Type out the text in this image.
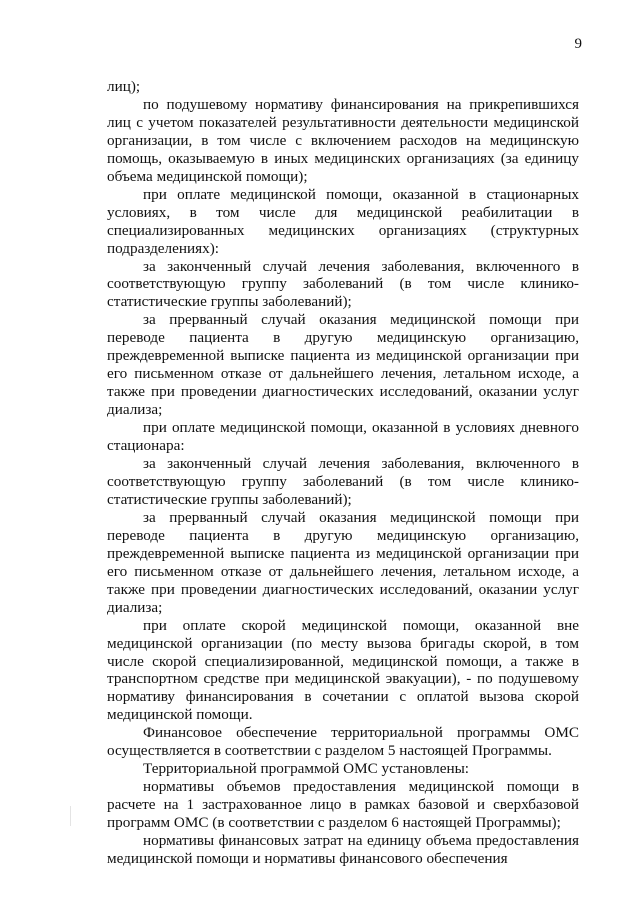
9

лиц);

по подушевому нормативу финансирования на прикрепившихся лиц с учетом показателей результативности деятельности медицинской организации, в том числе с включением расходов на медицинскую помощь, оказываемую в иных медицинских организациях (за единицу объема медицинской помощи);

при оплате медицинской помощи, оказанной в стационарных условиях, в том числе для медицинской реабилитации в специализированных медицинских организациях (структурных подразделениях):

за законченный случай лечения заболевания, включенного в соответствующую группу заболеваний (в том числе клинико-статистические группы заболеваний);

за прерванный случай оказания медицинской помощи при переводе пациента в другую медицинскую организацию, преждевременной выписке пациента из медицинской организации при его письменном отказе от дальнейшего лечения, летальном исходе, а также при проведении диагностических исследований, оказании услуг диализа;

при оплате медицинской помощи, оказанной в условиях дневного стационара:

за законченный случай лечения заболевания, включенного в соответствующую группу заболеваний (в том числе клинико-статистические группы заболеваний);

за прерванный случай оказания медицинской помощи при переводе пациента в другую медицинскую организацию, преждевременной выписке пациента из медицинской организации при его письменном отказе от дальнейшего лечения, летальном исходе, а также при проведении диагностических исследований, оказании услуг диализа;

при оплате скорой медицинской помощи, оказанной вне медицинской организации (по месту вызова бригады скорой, в том числе скорой специализированной, медицинской помощи, а также в транспортном средстве при медицинской эвакуации), - по подушевому нормативу финансирования в сочетании с оплатой вызова скорой медицинской помощи.

Финансовое обеспечение территориальной программы ОМС осуществляется в соответствии с разделом 5 настоящей Программы.

Территориальной программой ОМС установлены:

нормативы объемов предоставления медицинской помощи в расчете на 1 застрахованное лицо в рамках базовой и сверхбазовой программ ОМС (в соответствии с разделом 6 настоящей Программы);

нормативы финансовых затрат на единицу объема предоставления медицинской помощи и нормативы финансового обеспечения
